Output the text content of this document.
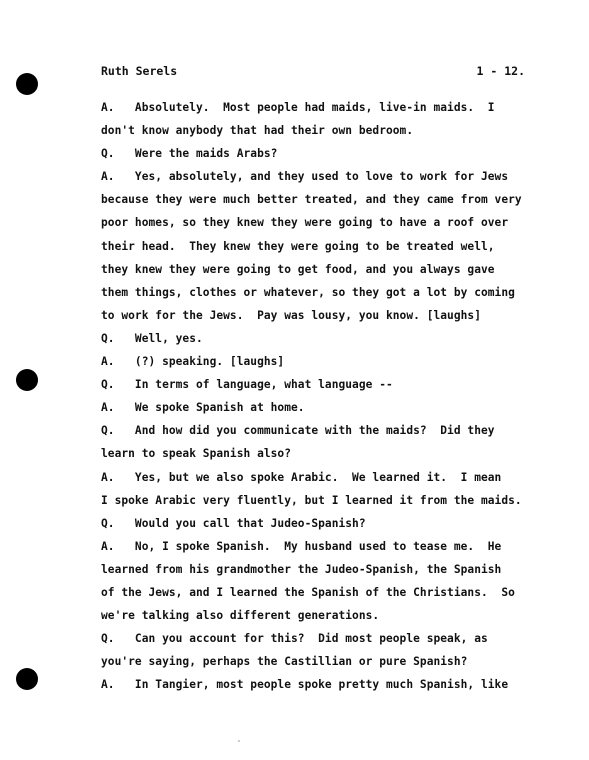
Ruth Serels	1 - 12.
A.   Absolutely.  Most people had maids, live-in maids.  I
don't know anybody that had their own bedroom.
Q.   Were the maids Arabs?
A.   Yes, absolutely, and they used to love to work for Jews
because they were much better treated, and they came from very
poor homes, so they knew they were going to have a roof over
their head.  They knew they were going to be treated well,
they knew they were going to get food, and you always gave
them things, clothes or whatever, so they got a lot by coming
to work for the Jews.  Pay was lousy, you know. [laughs]
Q.   Well, yes.
A.   (?) speaking. [laughs]
Q.   In terms of language, what language --
A.   We spoke Spanish at home.
Q.   And how did you communicate with the maids?  Did they
learn to speak Spanish also?
A.   Yes, but we also spoke Arabic.  We learned it.  I mean
I spoke Arabic very fluently, but I learned it from the maids.
Q.   Would you call that Judeo-Spanish?
A.   No, I spoke Spanish.  My husband used to tease me.  He
learned from his grandmother the Judeo-Spanish, the Spanish
of the Jews, and I learned the Spanish of the Christians.  So
we're talking also different generations.
Q.   Can you account for this?  Did most people speak, as
you're saying, perhaps the Castillian or pure Spanish?
A.   In Tangier, most people spoke pretty much Spanish, like
